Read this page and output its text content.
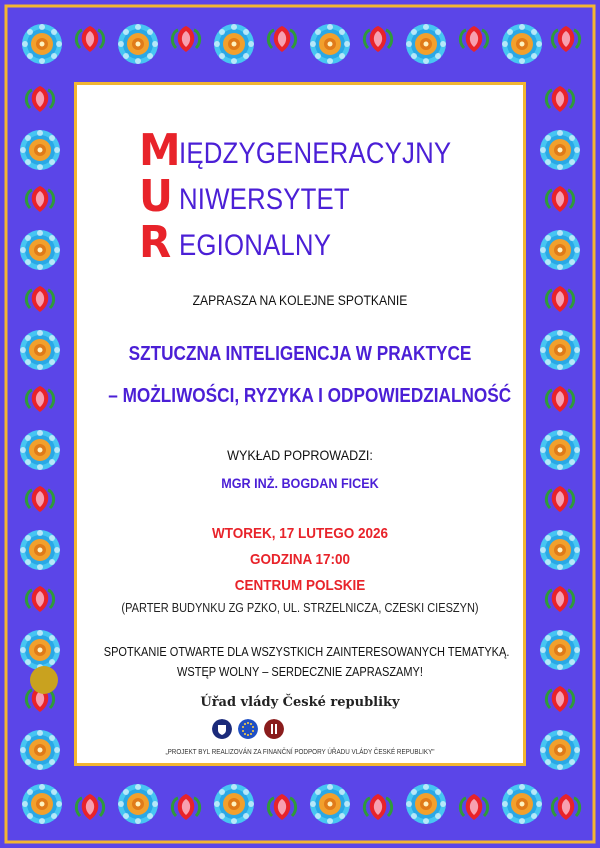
M
IĘDZYGENERACYJNY
U NIWERSYTET
R EGIONALNY
ZAPRASZA NA KOLEJNE SPOTKANIE
SZTUCZNA INTELIGENCJA W PRAKTYCE
– MOŻLIWOŚCI, RYZYKA I ODPOWIEDZIALNOŚĆ
WYKŁAD POPROWADZI:
MGR INŻ. BOGDAN FICEK
WTOREK, 17 LUTEGO 2026
GODZINA 17:00
CENTRUM POLSKIE
(PARTER BUDYNKU ZG PZKO, UL. STRZELNICZA, CZESKI CIESZYN)
SPOTKANIE OTWARTE DLA WSZYSTKICH ZAINTERESOWANYCH TEMATYKĄ.
WSTĘP WOLNY – SERDECZNIE ZAPRASZAMY!
Úřad vlády České republiky
„PROJEKT BYL REALIZOVÁN ZA FINANČNÍ PODPORY ÚŘADU VLÁDY ČESKÉ REPUBLIKY"
